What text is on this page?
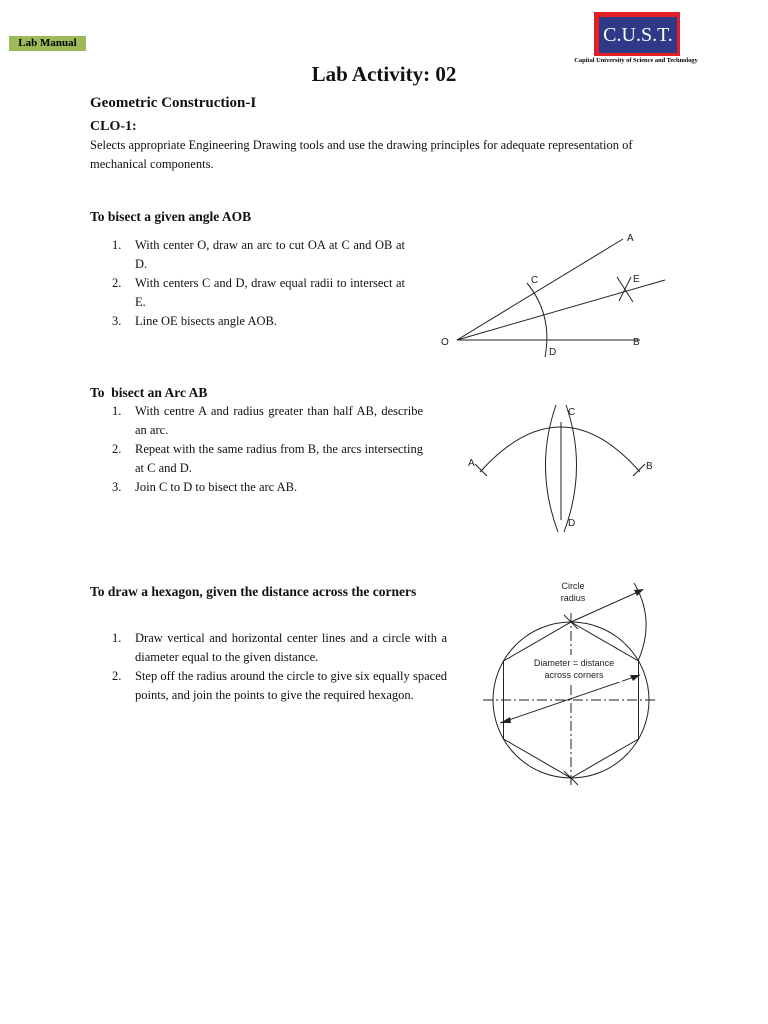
Lab Manual	C.U.S.T.
Capital University of Science and Technology
Lab Activity: 02
Geometric Construction-I
CLO-1:
Selects appropriate Engineering Drawing tools and use the drawing principles for adequate representation of mechanical components.
To bisect a given angle AOB
1. With center O, draw an arc to cut OA at C and OB at D.
2. With centers C and D, draw equal radii to intersect at E.
3. Line OE bisects angle AOB.
A
B
C
D
E
O
To  bisect an Arc AB
1. With centre A and radius greater than half AB, describe an arc.
2. Repeat with the same radius from B, the arcs intersecting at C and D.
3. Join C to D to bisect the arc AB.
A	B
C
D
To draw a hexagon, given the distance across the corners
1. Draw vertical and horizontal center lines and a circle with a diameter equal to the given distance.
2. Step off the radius around the circle to give six equally spaced points, and join the points to give the required hexagon.
Circle
radius
Diameter = distance
across corners
